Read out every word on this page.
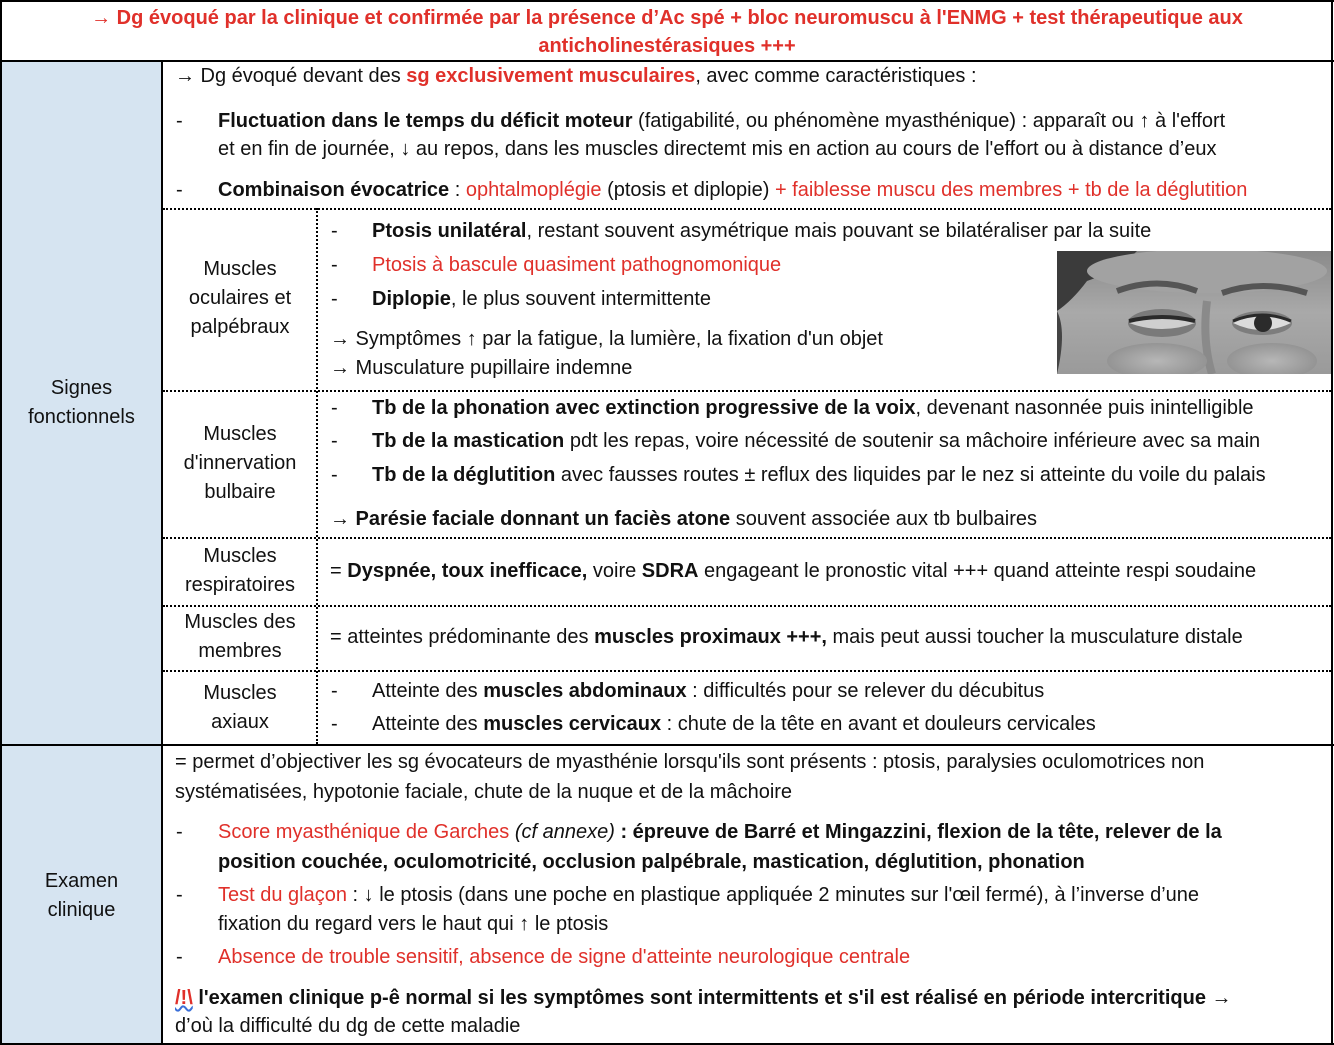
→ Dg évoqué par la clinique et confirmée par la présence d’Ac spé + bloc neuromuscu à l'ENMG + test thérapeutique aux
anticholinestérasiques +++
Signes
fonctionnels
Examen
clinique
Muscles
oculaires et
palpébraux
Muscles
d'innervation
bulbaire
Muscles
respiratoires
Muscles des
membres
Muscles
axiaux
→ Dg évoqué devant des sg exclusivement musculaires, avec comme caractéristiques :
- Fluctuation dans le temps du déficit moteur (fatigabilité, ou phénomène myasthénique) : apparaît ou ↑ à l'effort
et en fin de journée, ↓ au repos, dans les muscles directemt mis en action au cours de l'effort ou à distance d’eux
- Combinaison évocatrice : ophtalmoplégie (ptosis et diplopie) + faiblesse muscu des membres + tb de la déglutition
- Ptosis unilatéral, restant souvent asymétrique mais pouvant se bilatéraliser par la suite
- Ptosis à bascule quasiment pathognomonique
- Diplopie, le plus souvent intermittente
→ Symptômes ↑ par la fatigue, la lumière, la fixation d'un objet
→ Musculature pupillaire indemne
- Tb de la phonation avec extinction progressive de la voix, devenant nasonnée puis inintelligible
- Tb de la mastication pdt les repas, voire nécessité de soutenir sa mâchoire inférieure avec sa main
- Tb de la déglutition avec fausses routes ± reflux des liquides par le nez si atteinte du voile du palais
→ Parésie faciale donnant un faciès atone souvent associée aux tb bulbaires
= Dyspnée, toux inefficace, voire SDRA engageant le pronostic vital +++ quand atteinte respi soudaine
= atteintes prédominante des muscles proximaux +++, mais peut aussi toucher la musculature distale
- Atteinte des muscles abdominaux : difficultés pour se relever du décubitus
- Atteinte des muscles cervicaux : chute de la tête en avant et douleurs cervicales
= permet d’objectiver les sg évocateurs de myasthénie lorsqu'ils sont présents : ptosis, paralysies oculomotrices non
systématisées, hypotonie faciale, chute de la nuque et de la mâchoire
- Score myasthénique de Garches (cf annexe) : épreuve de Barré et Mingazzini, flexion de la tête, relever de la
position couchée, oculomotricité, occlusion palpébrale, mastication, déglutition, phonation
- Test du glaçon : ↓ le ptosis (dans une poche en plastique appliquée 2 minutes sur l'œil fermé), à l’inverse d’une
fixation du regard vers le haut qui ↑ le ptosis
- Absence de trouble sensitif, absence de signe d'atteinte neurologique centrale
/!\ l'examen clinique p-ê normal si les symptômes sont intermittents et s'il est réalisé en période intercritique →
d’où la difficulté du dg de cette maladie
